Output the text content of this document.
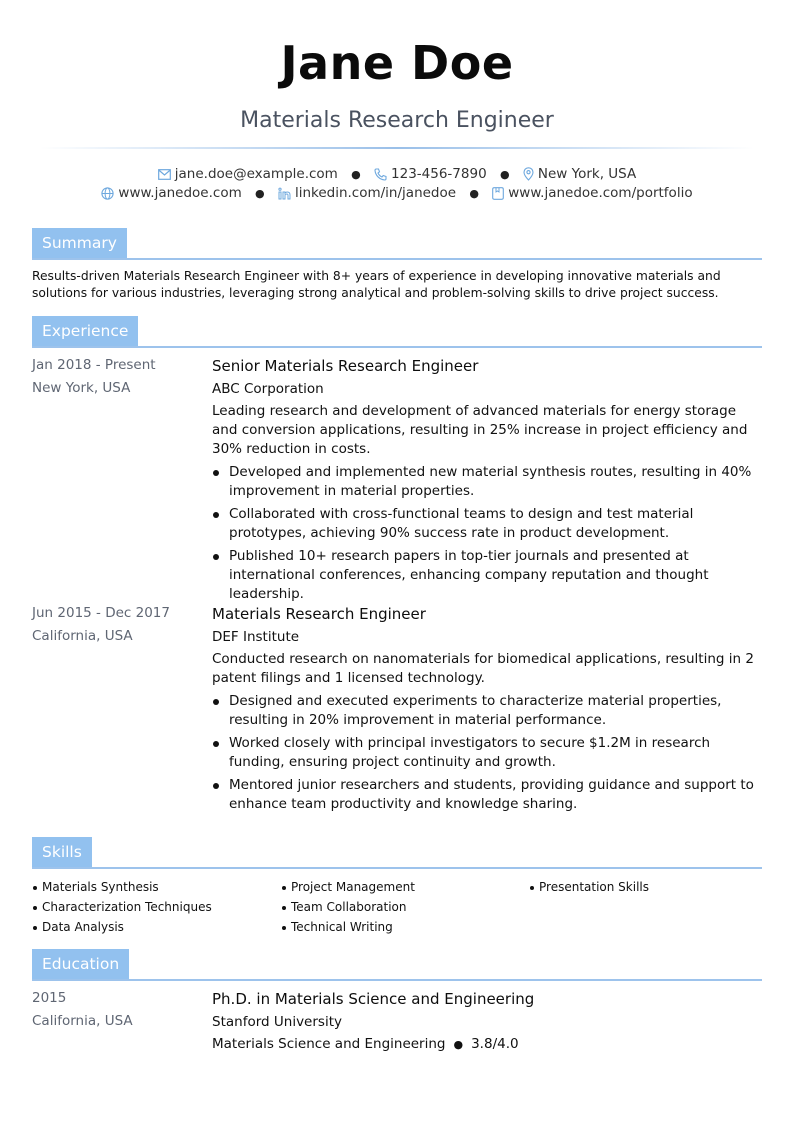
Jane Doe
Materials Research Engineer
jane.doe@example.com ● 123-456-7890 ● New York, USA
www.janedoe.com ● linkedin.com/in/janedoe ● www.janedoe.com/portfolio
Summary
Results-driven Materials Research Engineer with 8+ years of experience in developing innovative materials and solutions for various industries, leveraging strong analytical and problem-solving skills to drive project success.
Experience
Jan 2018 - Present
New York, USA
Senior Materials Research Engineer
ABC Corporation
Leading research and development of advanced materials for energy storage and conversion applications, resulting in 25% increase in project efficiency and 30% reduction in costs.
Developed and implemented new material synthesis routes, resulting in 40% improvement in material properties.
Collaborated with cross-functional teams to design and test material prototypes, achieving 90% success rate in product development.
Published 10+ research papers in top-tier journals and presented at international conferences, enhancing company reputation and thought leadership.
Jun 2015 - Dec 2017
California, USA
Materials Research Engineer
DEF Institute
Conducted research on nanomaterials for biomedical applications, resulting in 2 patent filings and 1 licensed technology.
Designed and executed experiments to characterize material properties, resulting in 20% improvement in material performance.
Worked closely with principal investigators to secure $1.2M in research funding, ensuring project continuity and growth.
Mentored junior researchers and students, providing guidance and support to enhance team productivity and knowledge sharing.
Skills
Materials Synthesis
Characterization Techniques
Data Analysis
Project Management
Team Collaboration
Technical Writing
Presentation Skills
Education
2015
California, USA
Ph.D. in Materials Science and Engineering
Stanford University
Materials Science and Engineering ● 3.8/4.0
